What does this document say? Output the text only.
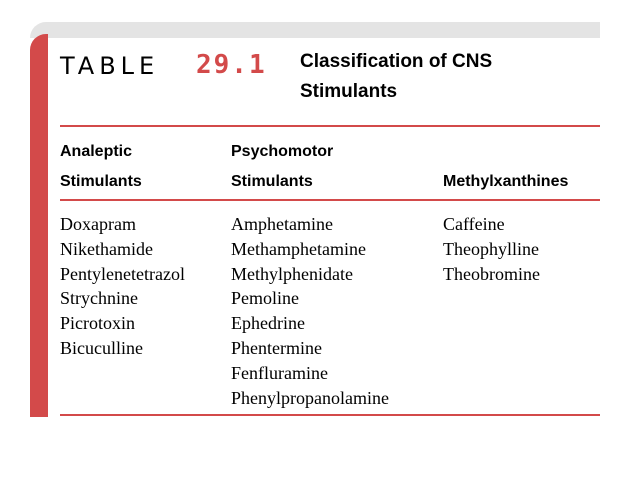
TABLE 29.1 Classification of CNS
Stimulants
Analeptic
Stimulants
Psychomotor
Stimulants	Methylxanthines
Doxapram
Nikethamide
Pentylenetetrazol
Strychnine
Picrotoxin
Bicuculline
Amphetamine
Methamphetamine
Methylphenidate
Pemoline
Ephedrine
Phentermine
Fenfluramine
Phenylpropanolamine
Caffeine
Theophylline
Theobromine
